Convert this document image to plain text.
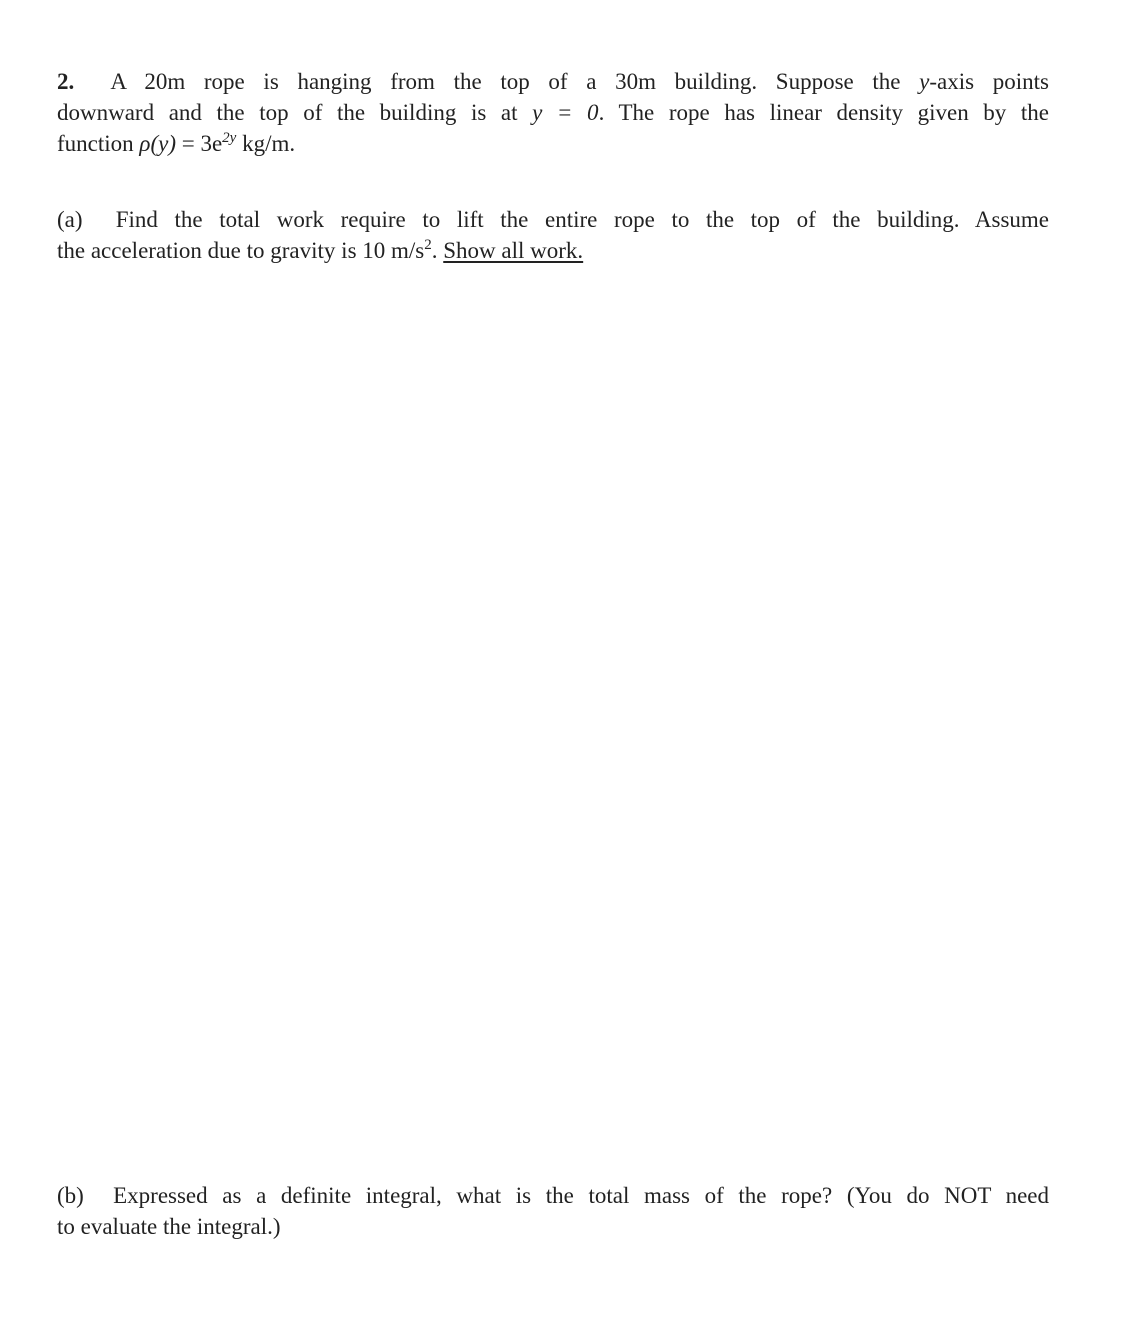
2. A 20m rope is hanging from the top of a 30m building. Suppose the y-axis points
downward and the top of the building is at y = 0. The rope has linear density given by the
function $\rho(y) = 3e^{2y}$ kg/m.
(a) Find the total work require to lift the entire rope to the top of the building. Assume
the acceleration due to gravity is 10 $m/s^2$. Show all work.
(b) Expressed as a definite integral, what is the total mass of the rope? (You do NOT need
to evaluate the integral.)
